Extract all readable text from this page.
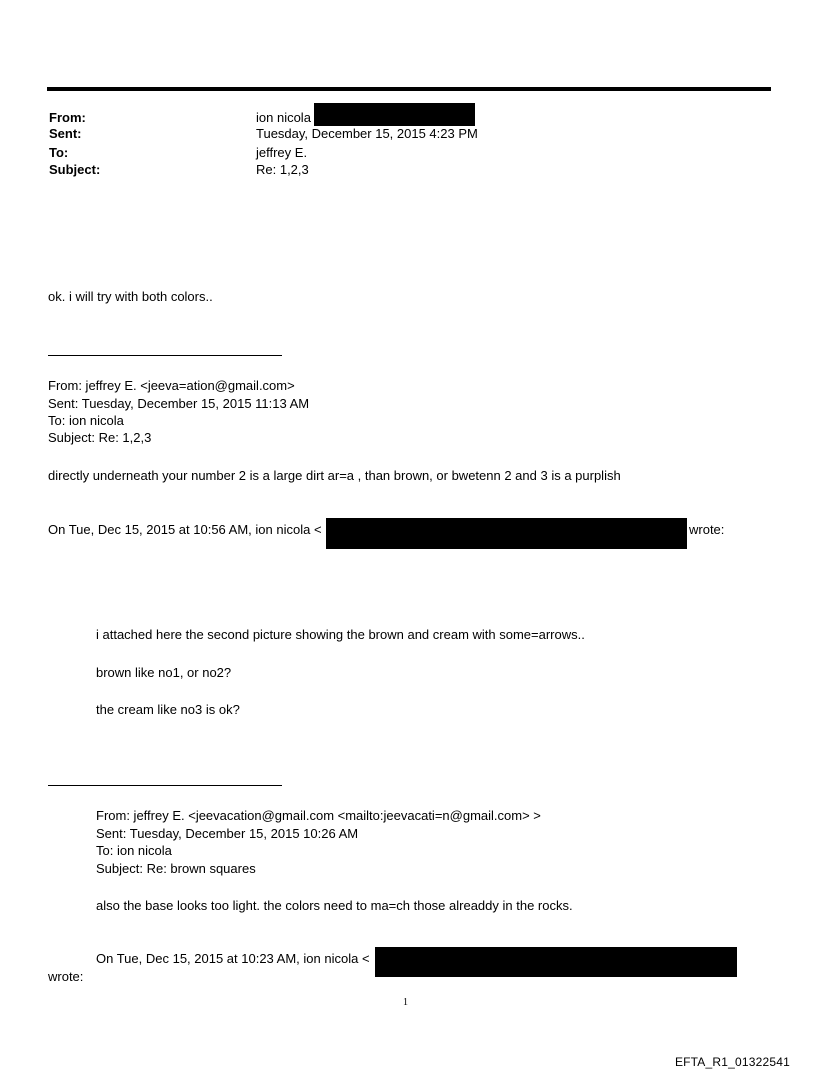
From:	ion nicola
Sent:	Tuesday, December 15, 2015 4:23 PM
To:	jeffrey E.
Subject:	Re: 1,2,3
ok. i will try with both colors..
From: jeffrey E. <jeeva=ation@gmail.com>
Sent: Tuesday, December 15, 2015 11:13 AM
To: ion nicola
Subject: Re: 1,2,3
directly underneath your number 2 is a large dirt ar=a , than brown, or bwetenn 2 and 3 is a purplish
On Tue, Dec 15, 2015 at 10:56 AM, ion nicola <	wrote:
i attached here the second picture showing the brown and cream with some=arrows..
brown like no1, or no2?
the cream like no3 is ok?
From: jeffrey E. <jeevacation@gmail.com <mailto:jeevacati=n@gmail.com> >
Sent: Tuesday, December 15, 2015 10:26 AM
To: ion nicola
Subject: Re: brown squares
also the base looks too light. the colors need to ma=ch those alreaddy in the rocks.
On Tue, Dec 15, 2015 at 10:23 AM, ion nicola <
wrote:
1
EFTA_R1_01322541
